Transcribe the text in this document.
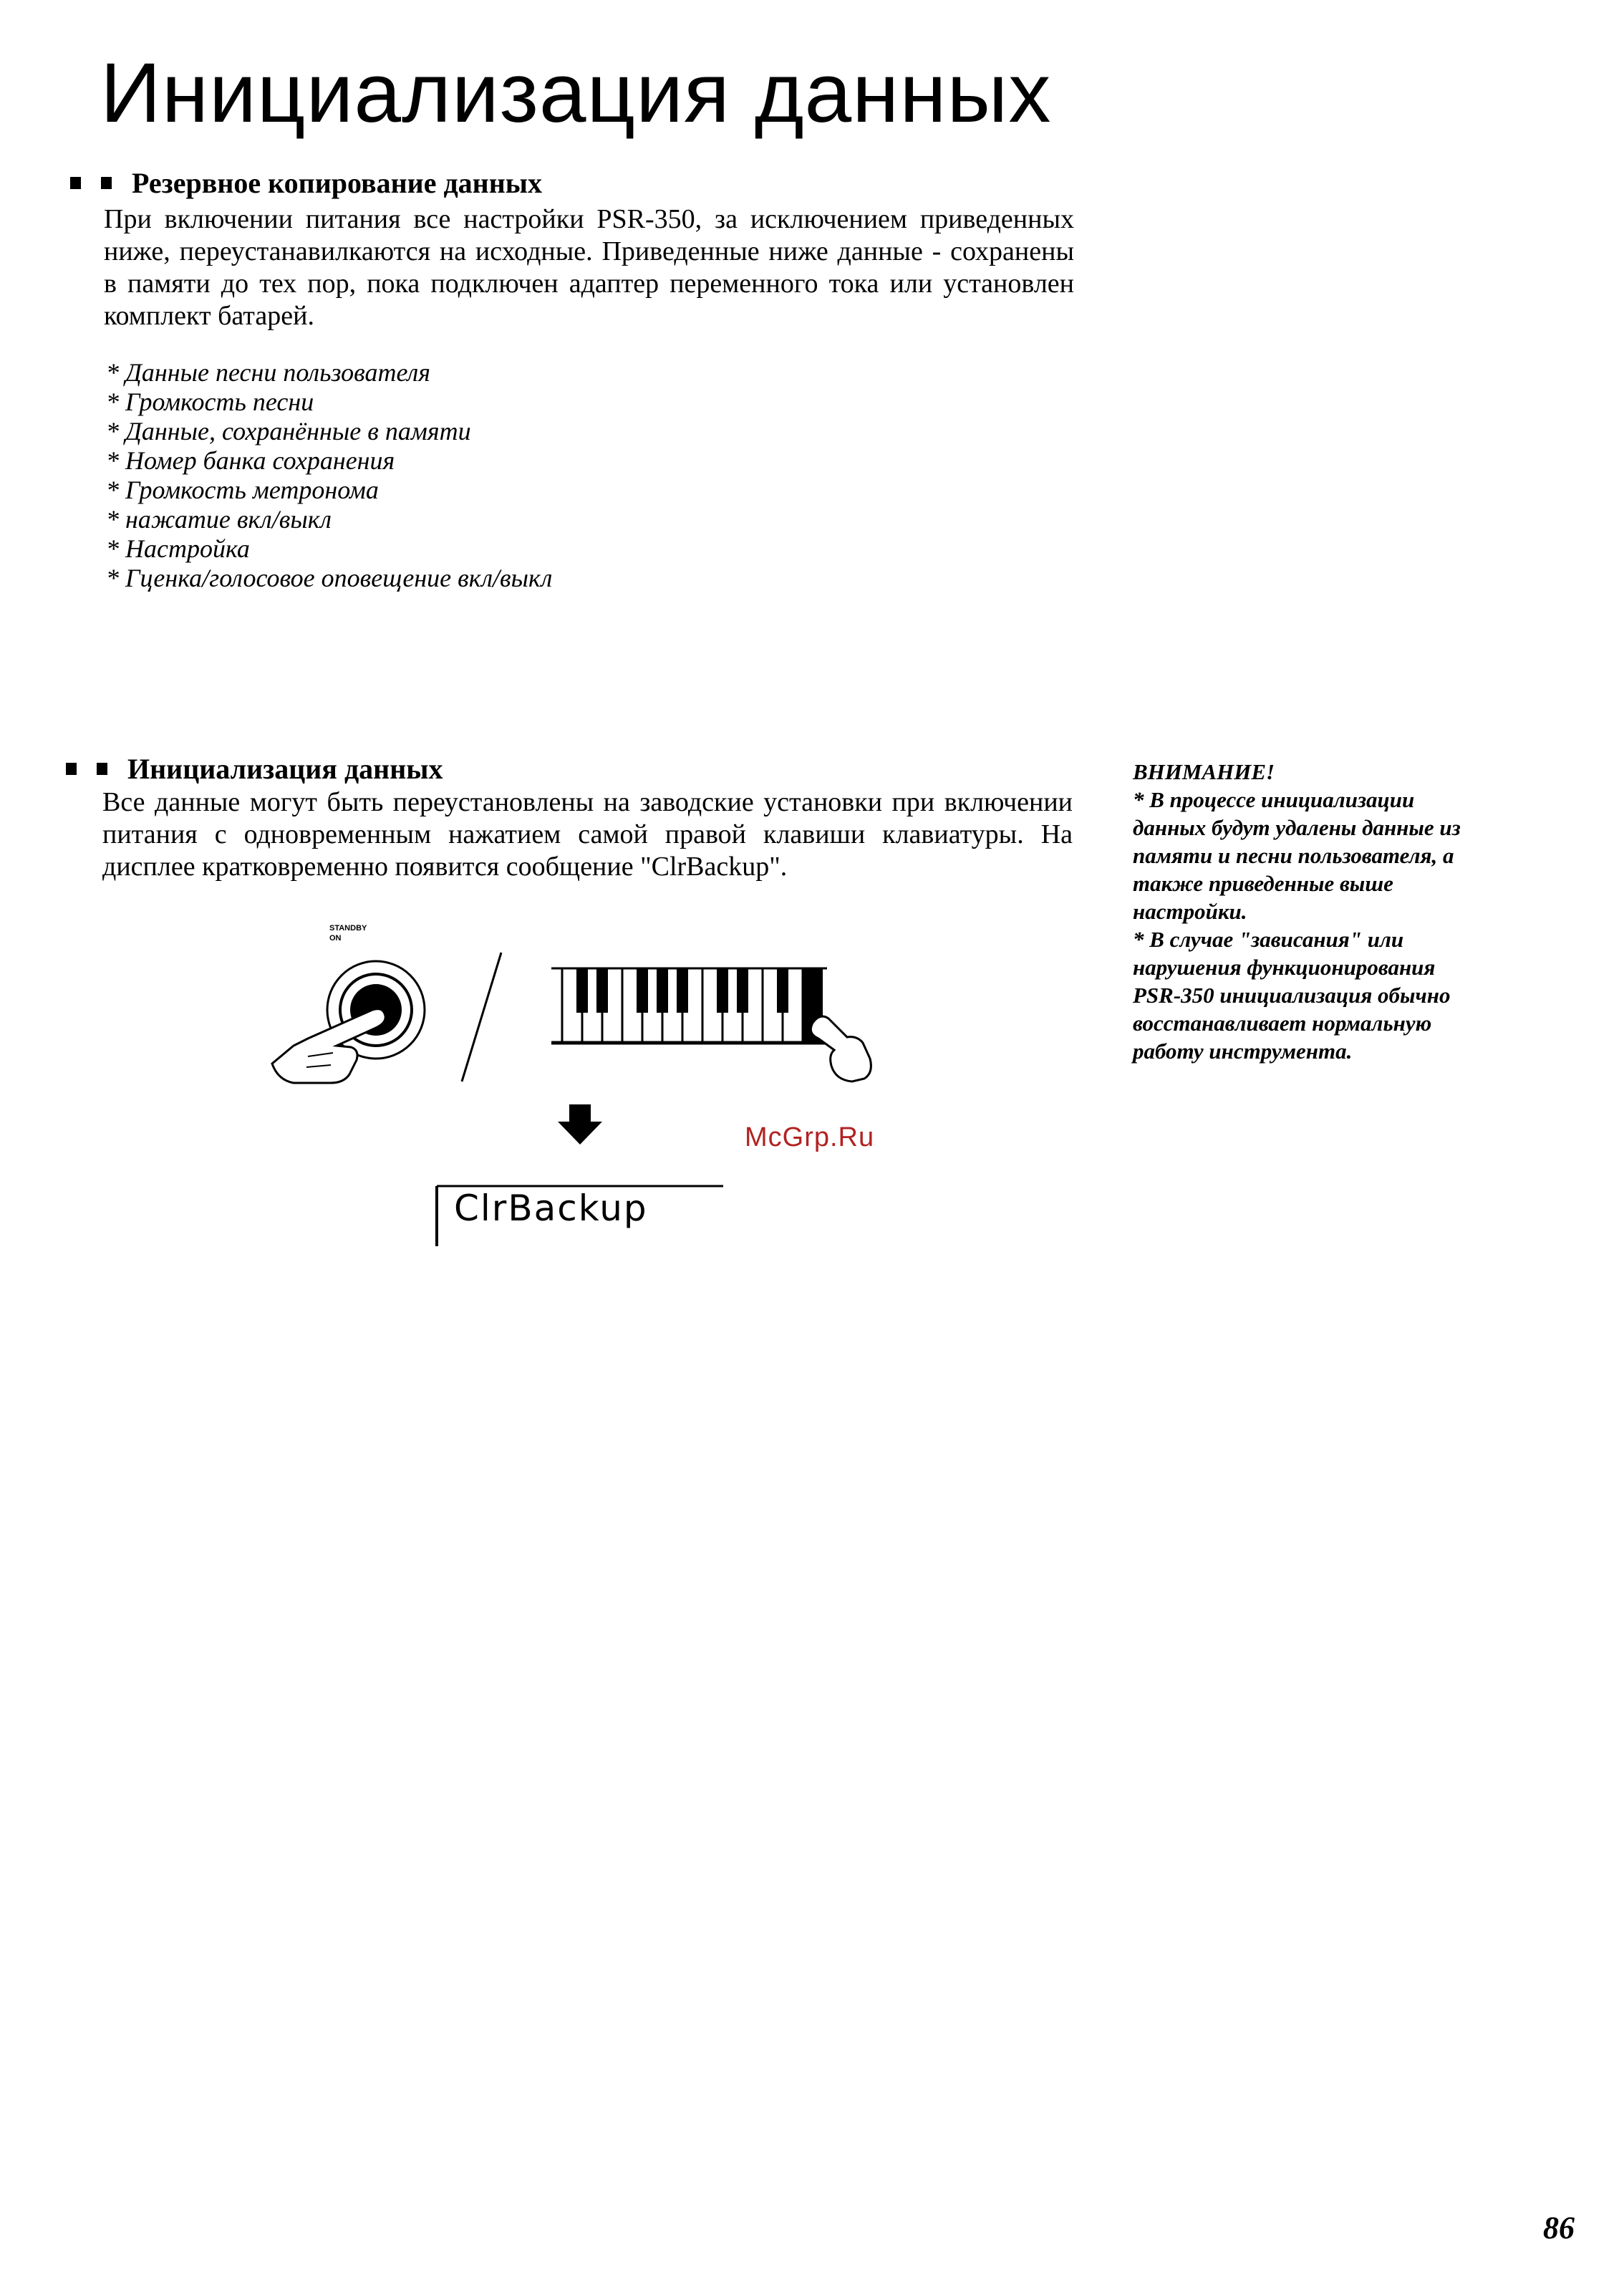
Инициализация данных
Резервное копирование данных
При включении питания все настройки PSR-350, за исключением приведенных ниже, переустанавилкаются на исходные. Приведенные ниже данные - сохранены в памяти до тех пор, пока подключен адаптер переменного тока или установлен комплект батарей.
* Данные песни пользователя
* Громкость песни
* Данные, сохранённые в памяти
* Номер банка сохранения
* Громкость метронома
* нажатие вкл/выкл
* Настройка
* Гценка/голосовое оповещение вкл/выкл
Инициализация данных
Все данные могут быть переустановлены на заводские установки при включении питания с одновременным нажатием самой правой клавиши клавиатуры. На дисплее кратковременно появится сообщение "ClrBackup".
ВНИМАНИЕ!
* В процессе инициализации
данных будут удалены данные из
памяти и песни пользователя, а
также приведенные выше
настройки.
* В случае "зависания" или
нарушения функционирования
PSR-350 инициализация обычно
восстанавливает нормальную
работу инструмента.
STANDBY
ON
ClrBackup
McGrp.Ru
86
